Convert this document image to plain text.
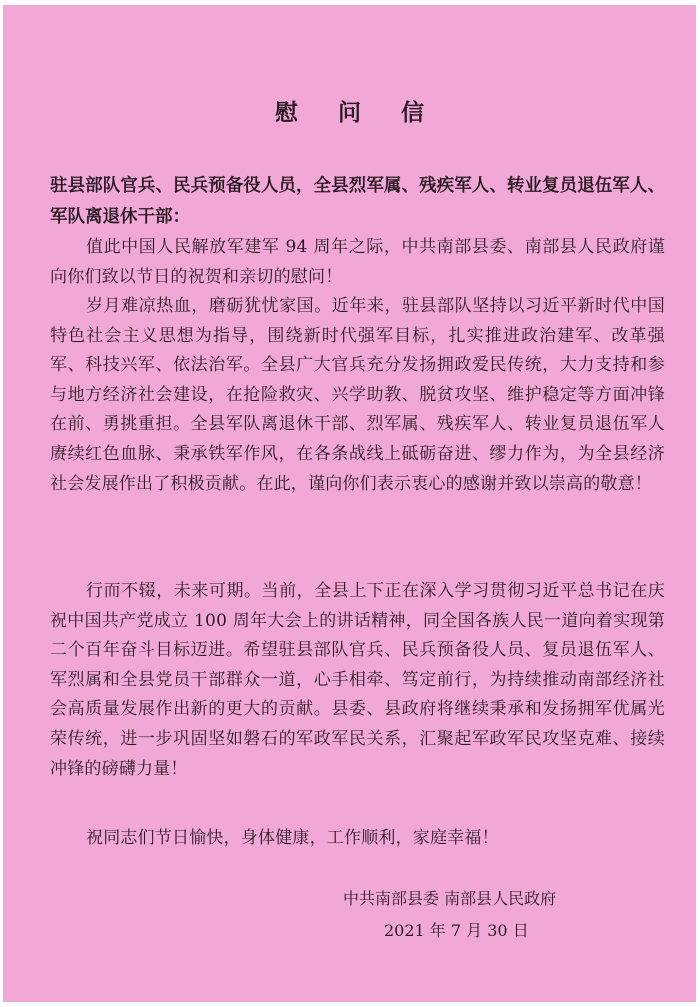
慰 问 信
驻县部队官兵、民兵预备役人员，全县烈军属、残疾军人、转业复员退伍军人、军队离退休干部：
值此中国人民解放军建军 94 周年之际，中共南部县委、南部县人民政府谨向你们致以节日的祝贺和亲切的慰问！
岁月难凉热血，磨砺犹忧家国。近年来，驻县部队坚持以习近平新时代中国特色社会主义思想为指导，围绕新时代强军目标，扎实推进政治建军、改革强军、科技兴军、依法治军。全县广大官兵充分发扬拥政爱民传统，大力支持和参与地方经济社会建设，在抢险救灾、兴学助教、脱贫攻坚、维护稳定等方面冲锋在前、勇挑重担。全县军队离退休干部、烈军属、残疾军人、转业复员退伍军人赓续红色血脉、秉承铁军作风，在各条战线上砥砺奋进、缪力作为，为全县经济社会发展作出了积极贡献。在此，谨向你们表示衷心的感谢并致以崇高的敬意！
行而不辍，未来可期。当前，全县上下正在深入学习贯彻习近平总书记在庆祝中国共产党成立 100 周年大会上的讲话精神，同全国各族人民一道向着实现第二个百年奋斗目标迈进。希望驻县部队官兵、民兵预备役人员、复员退伍军人、军烈属和全县党员干部群众一道，心手相牵、笃定前行，为持续推动南部经济社会高质量发展作出新的更大的贡献。县委、县政府将继续秉承和发扬拥军优属光荣传统，进一步巩固坚如磐石的军政军民关系，汇聚起军政军民攻坚克难、接续冲锋的磅礴力量！
祝同志们节日愉快，身体健康，工作顺利，家庭幸福！
中共南部县委 南部县人民政府
2021 年 7 月 30 日
